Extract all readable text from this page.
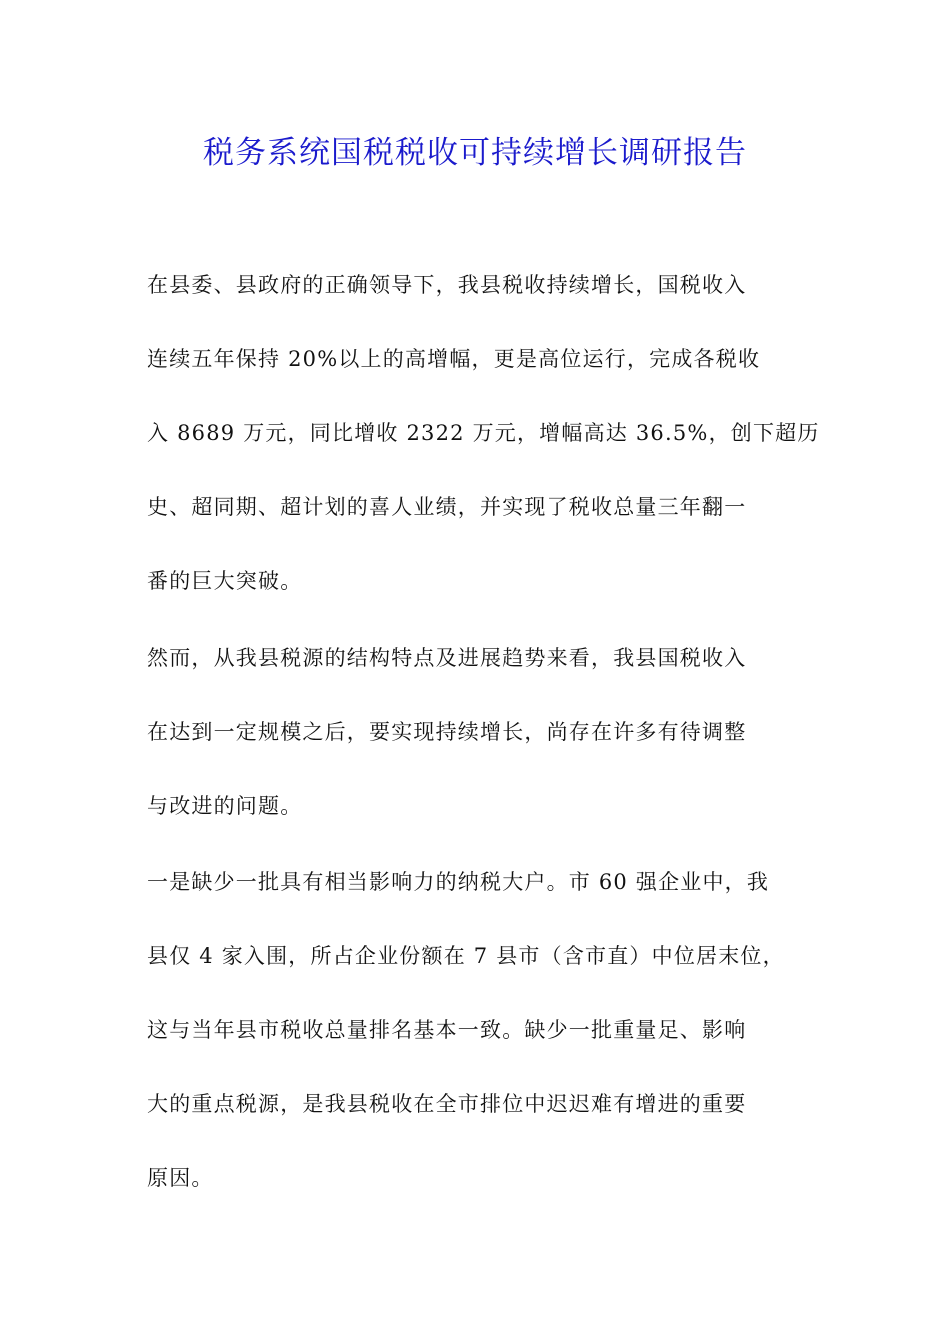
税务系统国税税收可持续增长调研报告
在县委、县政府的正确领导下，我县税收持续增长，国税收入
连续五年保持 20%以上的高增幅，更是高位运行，完成各税收
入 8689 万元，同比增收 2322 万元，增幅高达 36.5%，创下超历
史、超同期、超计划的喜人业绩，并实现了税收总量三年翻一
番的巨大突破。
然而，从我县税源的结构特点及进展趋势来看，我县国税收入
在达到一定规模之后，要实现持续增长，尚存在许多有待调整
与改进的问题。
一是缺少一批具有相当影响力的纳税大户。市 60 强企业中，我
县仅 4 家入围，所占企业份额在 7 县市（含市直）中位居末位，
这与当年县市税收总量排名基本一致。缺少一批重量足、影响
大的重点税源，是我县税收在全市排位中迟迟难有增进的重要
原因。
